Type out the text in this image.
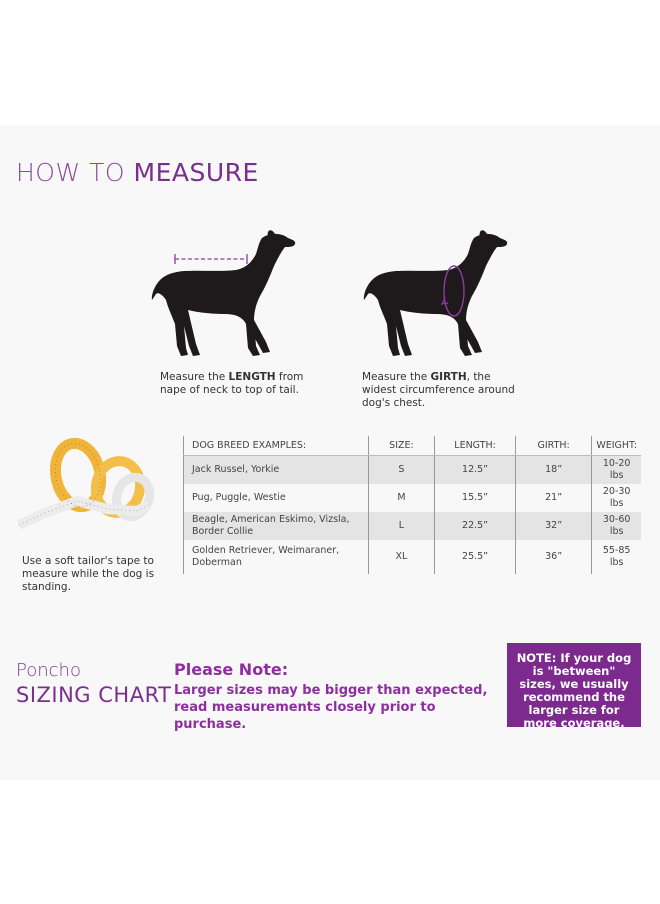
HOW TO MEASURE
Measure the LENGTH from nape of neck to top of tail.
Measure the GIRTH, the widest circumference around dog's chest.
Use a soft tailor's tape to measure while the dog is standing.
DOG BREED EXAMPLES:	SIZE:	LENGTH:	GIRTH:	WEIGHT:
Jack Russel, Yorkie	S	12.5”	18”	10-20 lbs
Pug, Puggle, Westie	M	15.5”	21”	20-30 lbs
Beagle, American Eskimo, Vizsla, Border Collie	L	22.5”	32”	30-60 lbs
Golden Retriever, Weimaraner, Doberman	XL	25.5”	36”	55-85 lbs
Poncho
SIZING CHART
Please Note:
Larger sizes may be bigger than expected, read measurements closely prior to purchase.
NOTE: If your dog is "between" sizes, we usually recommend the larger size for more coverage.
